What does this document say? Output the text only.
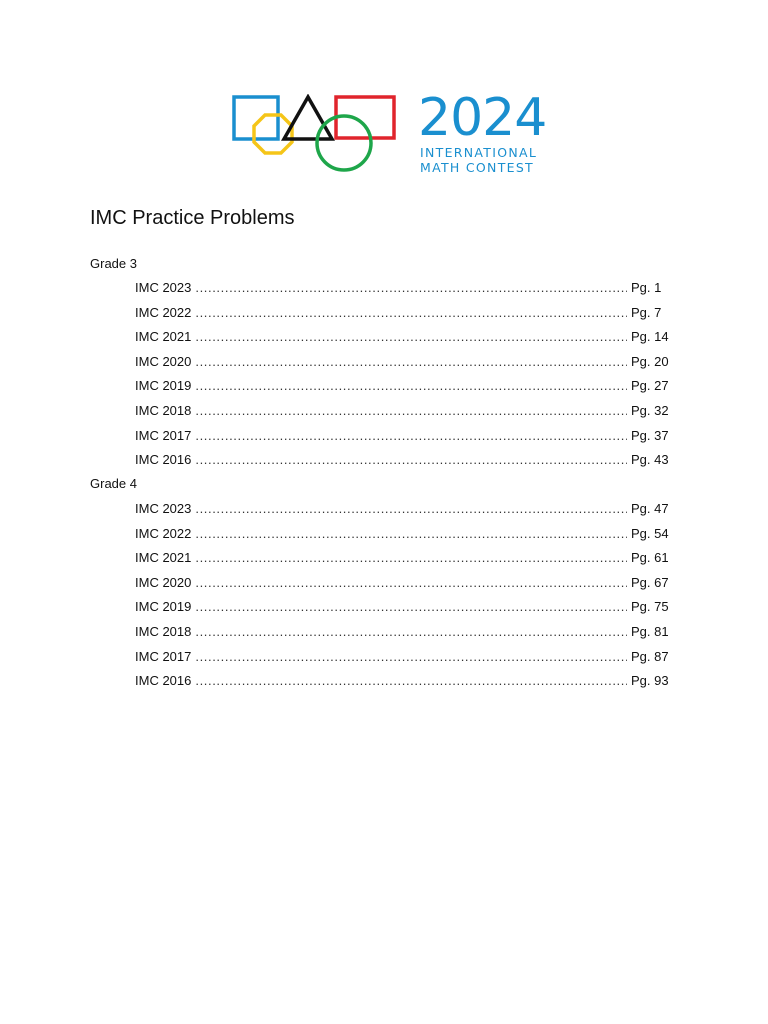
2024
INTERNATIONAL
MATH CONTEST
IMC Practice Problems
Grade 3
IMC 2023 .....	Pg. 1
IMC 2022 .....	Pg. 7
IMC 2021 .....	Pg. 14
IMC 2020 .....	Pg. 20
IMC 2019 .....	Pg. 27
IMC 2018 .....	Pg. 32
IMC 2017 .....	Pg. 37
IMC 2016 .....	Pg. 43
Grade 4
IMC 2023 .....	Pg. 47
IMC 2022 .....	Pg. 54
IMC 2021 .....	Pg. 61
IMC 2020 .....	Pg. 67
IMC 2019 .....	Pg. 75
IMC 2018 .....	Pg. 81
IMC 2017 .....	Pg. 87
IMC 2016 .....	Pg. 93
